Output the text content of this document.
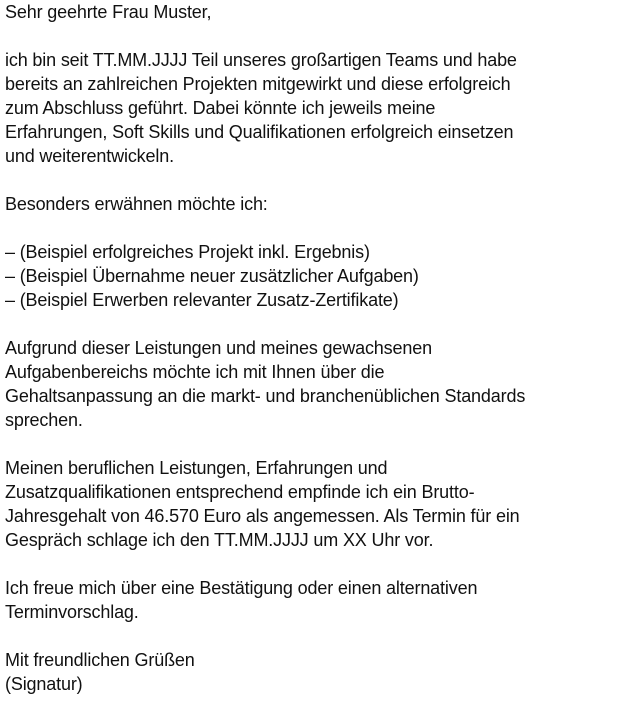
Sehr geehrte Frau Muster,

ich bin seit TT.MM.JJJJ Teil unseres großartigen Teams und habe
bereits an zahlreichen Projekten mitgewirkt und diese erfolgreich
zum Abschluss geführt. Dabei könnte ich jeweils meine
Erfahrungen, Soft Skills und Qualifikationen erfolgreich einsetzen
und weiterentwickeln.

Besonders erwähnen möchte ich:

– (Beispiel erfolgreiches Projekt inkl. Ergebnis)
– (Beispiel Übernahme neuer zusätzlicher Aufgaben)
– (Beispiel Erwerben relevanter Zusatz-Zertifikate)

Aufgrund dieser Leistungen und meines gewachsenen
Aufgabenbereichs möchte ich mit Ihnen über die
Gehaltsanpassung an die markt- und branchenüblichen Standards
sprechen.

Meinen beruflichen Leistungen, Erfahrungen und
Zusatzqualifikationen entsprechend empfinde ich ein Brutto-
Jahresgehalt von 46.570 Euro als angemessen. Als Termin für ein
Gespräch schlage ich den TT.MM.JJJJ um XX Uhr vor.

Ich freue mich über eine Bestätigung oder einen alternativen
Terminvorschlag.

Mit freundlichen Grüßen

(Signatur)
